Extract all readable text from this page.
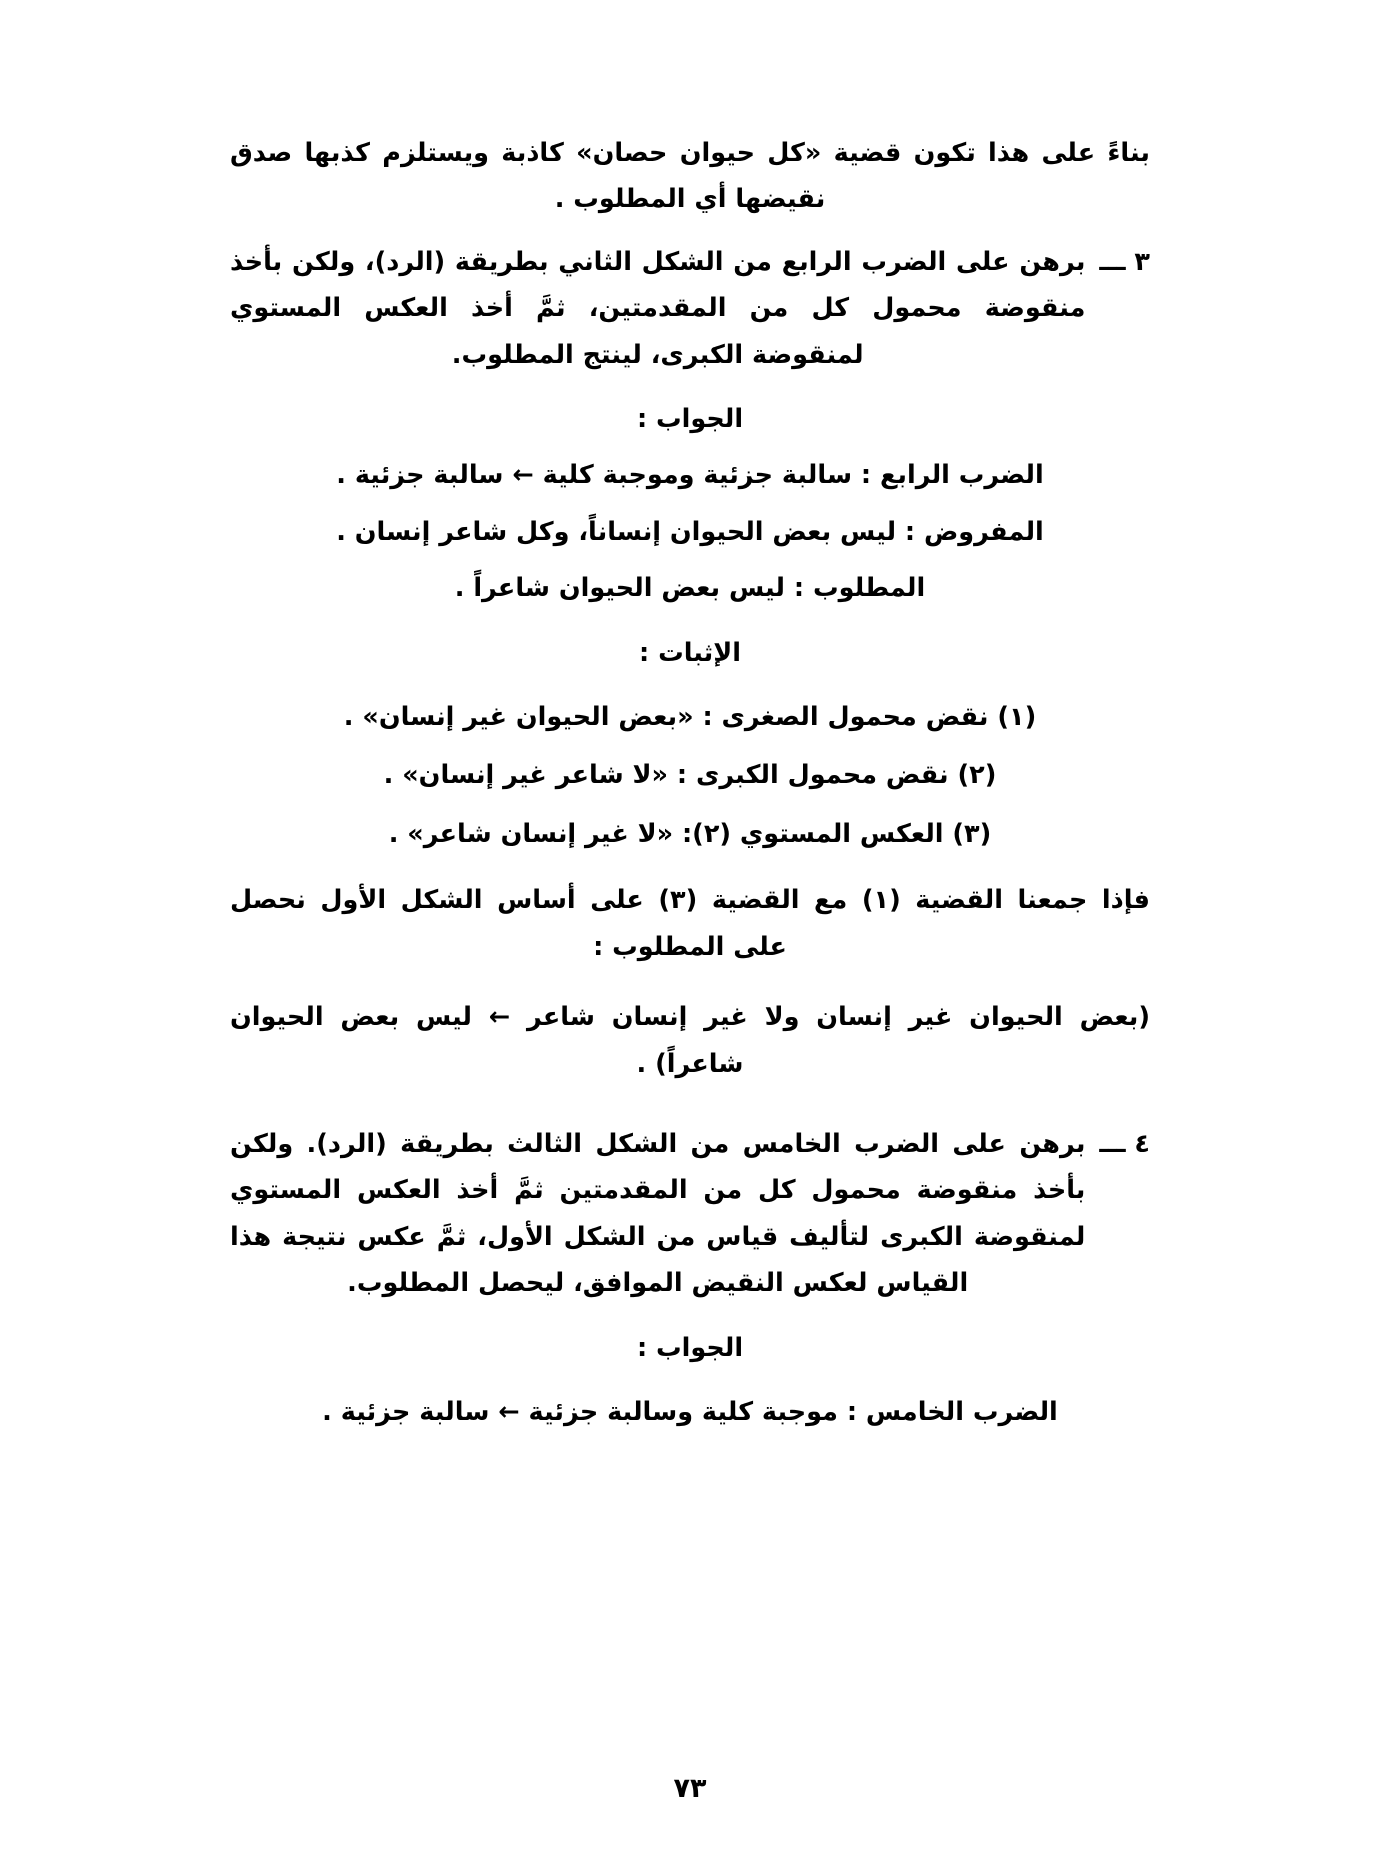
بناءً على هذا تكون قضية «كل حيوان حصان» كاذبة ويستلزم كذبها صدق نقيضها أي المطلوب .

٣ ـــ
برهن على الضرب الرابع من الشكل الثاني بطريقة (الرد)، ولكن بأخذ منقوضة محمول كل من المقدمتين، ثمَّ أخذ العكس المستوي لمنقوضة الكبرى، لينتج المطلوب.
الجواب :
الضرب الرابع : سالبة جزئية وموجبة كلية ← سالبة جزئية .
المفروض : ليس بعض الحيوان إنساناً، وكل شاعر إنسان .
المطلوب : ليس بعض الحيوان شاعراً .
الإثبات :
(١) نقض محمول الصغرى : «بعض الحيوان غير إنسان» .
(٢) نقض محمول الكبرى : «لا شاعر غير إنسان» .
(٣) العكس المستوي (٢): «لا غير إنسان شاعر» .

فإذا جمعنا القضية (١) مع القضية (٣) على أساس الشكل الأول نحصل على المطلوب :

(بعض الحيوان غير إنسان ولا غير إنسان شاعر ← ليس بعض الحيوان شاعراً) .

٤ ـــ
برهن على الضرب الخامس من الشكل الثالث بطريقة (الرد). ولكن بأخذ منقوضة محمول كل من المقدمتين ثمَّ أخذ العكس المستوي لمنقوضة الكبرى لتأليف قياس من الشكل الأول، ثمَّ عكس نتيجة هذا القياس لعكس النقيض الموافق، ليحصل المطلوب.
الجواب :
الضرب الخامس : موجبة كلية وسالبة جزئية ← سالبة جزئية .
٧٣
